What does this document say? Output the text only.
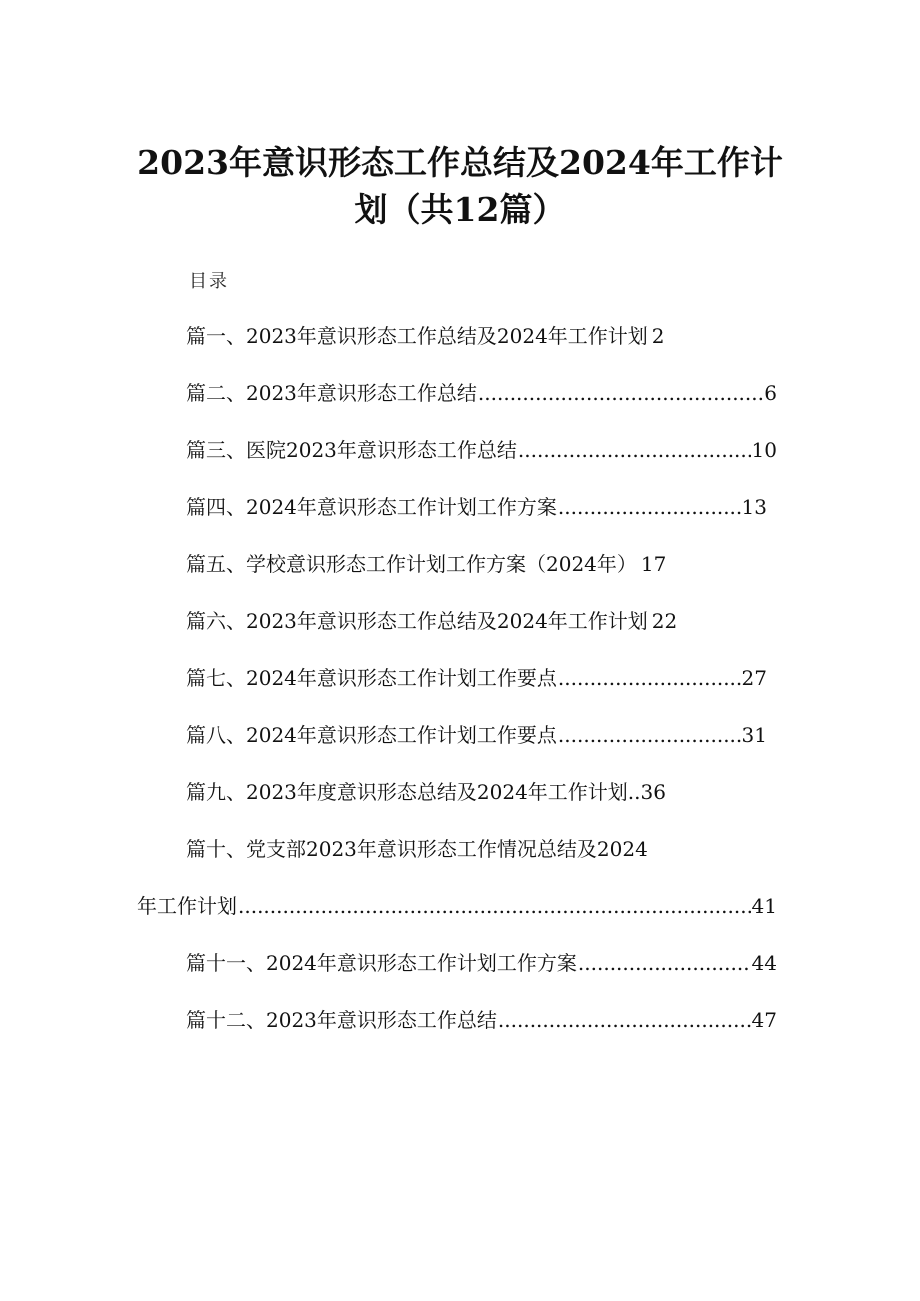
2023年意识形态工作总结及2024年工作计
划（共12篇）
目录
篇一、2023年意识形态工作总结及2024年工作计划 2
篇二、2023年意识形态工作总结 .....	6
篇三、医院2023年意识形态工作总结 .....	10
篇四、2024年意识形态工作计划工作方案 .....	13
篇五、学校意识形态工作计划工作方案（2024年） 17
篇六、2023年意识形态工作总结及2024年工作计划 22
篇七、2024年意识形态工作计划工作要点 .....	27
篇八、2024年意识形态工作计划工作要点 .....	31
篇九、2023年度意识形态总结及2024年工作计划 ..36
篇十、党支部2023年意识形态工作情况总结及2024
年工作计划 .....	41
篇十一、2024年意识形态工作计划工作方案 .....	44
篇十二、2023年意识形态工作总结 .....	47
